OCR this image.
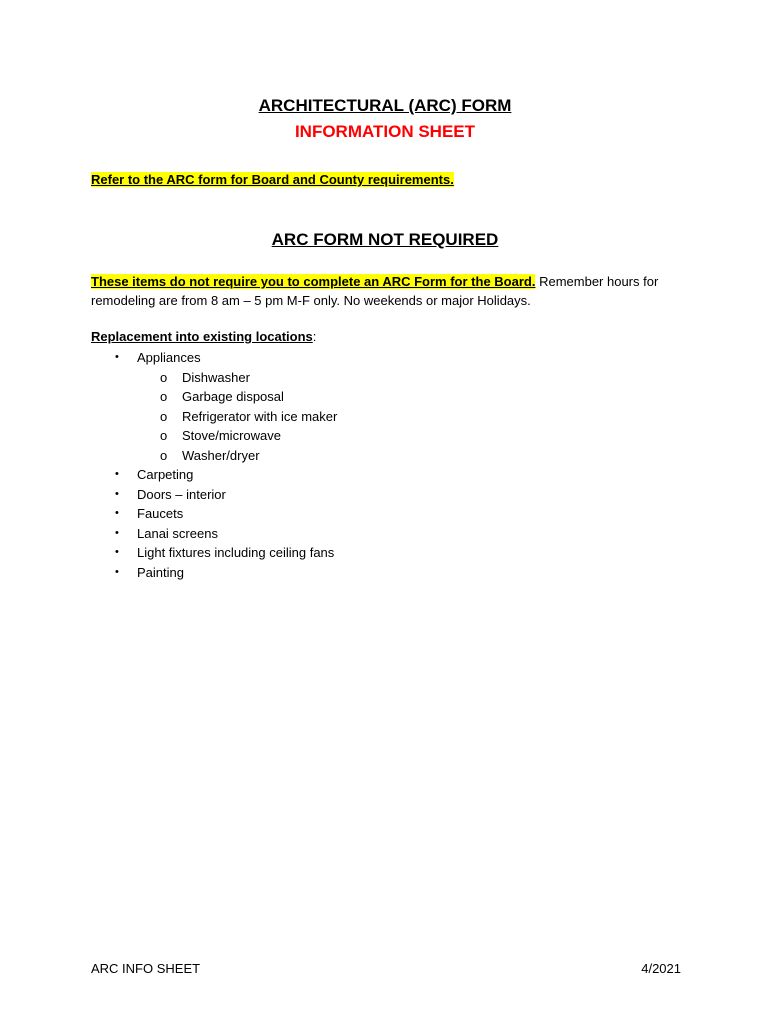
ARCHITECTURAL (ARC) FORM
INFORMATION SHEET

Refer to the ARC form for Board and County requirements.

ARC FORM NOT REQUIRED

These items do not require you to complete an ARC Form for the Board. Remember hours for remodeling are from 8 am – 5 pm M-F only. No weekends or major Holidays.

Replacement into existing locations:

• Appliances
o Dishwasher
o Garbage disposal
o Refrigerator with ice maker
o Stove/microwave
o Washer/dryer
• Carpeting
• Doors – interior
• Faucets
• Lanai screens
• Light fixtures including ceiling fans
• Painting

ARC INFO SHEET	4/2021
